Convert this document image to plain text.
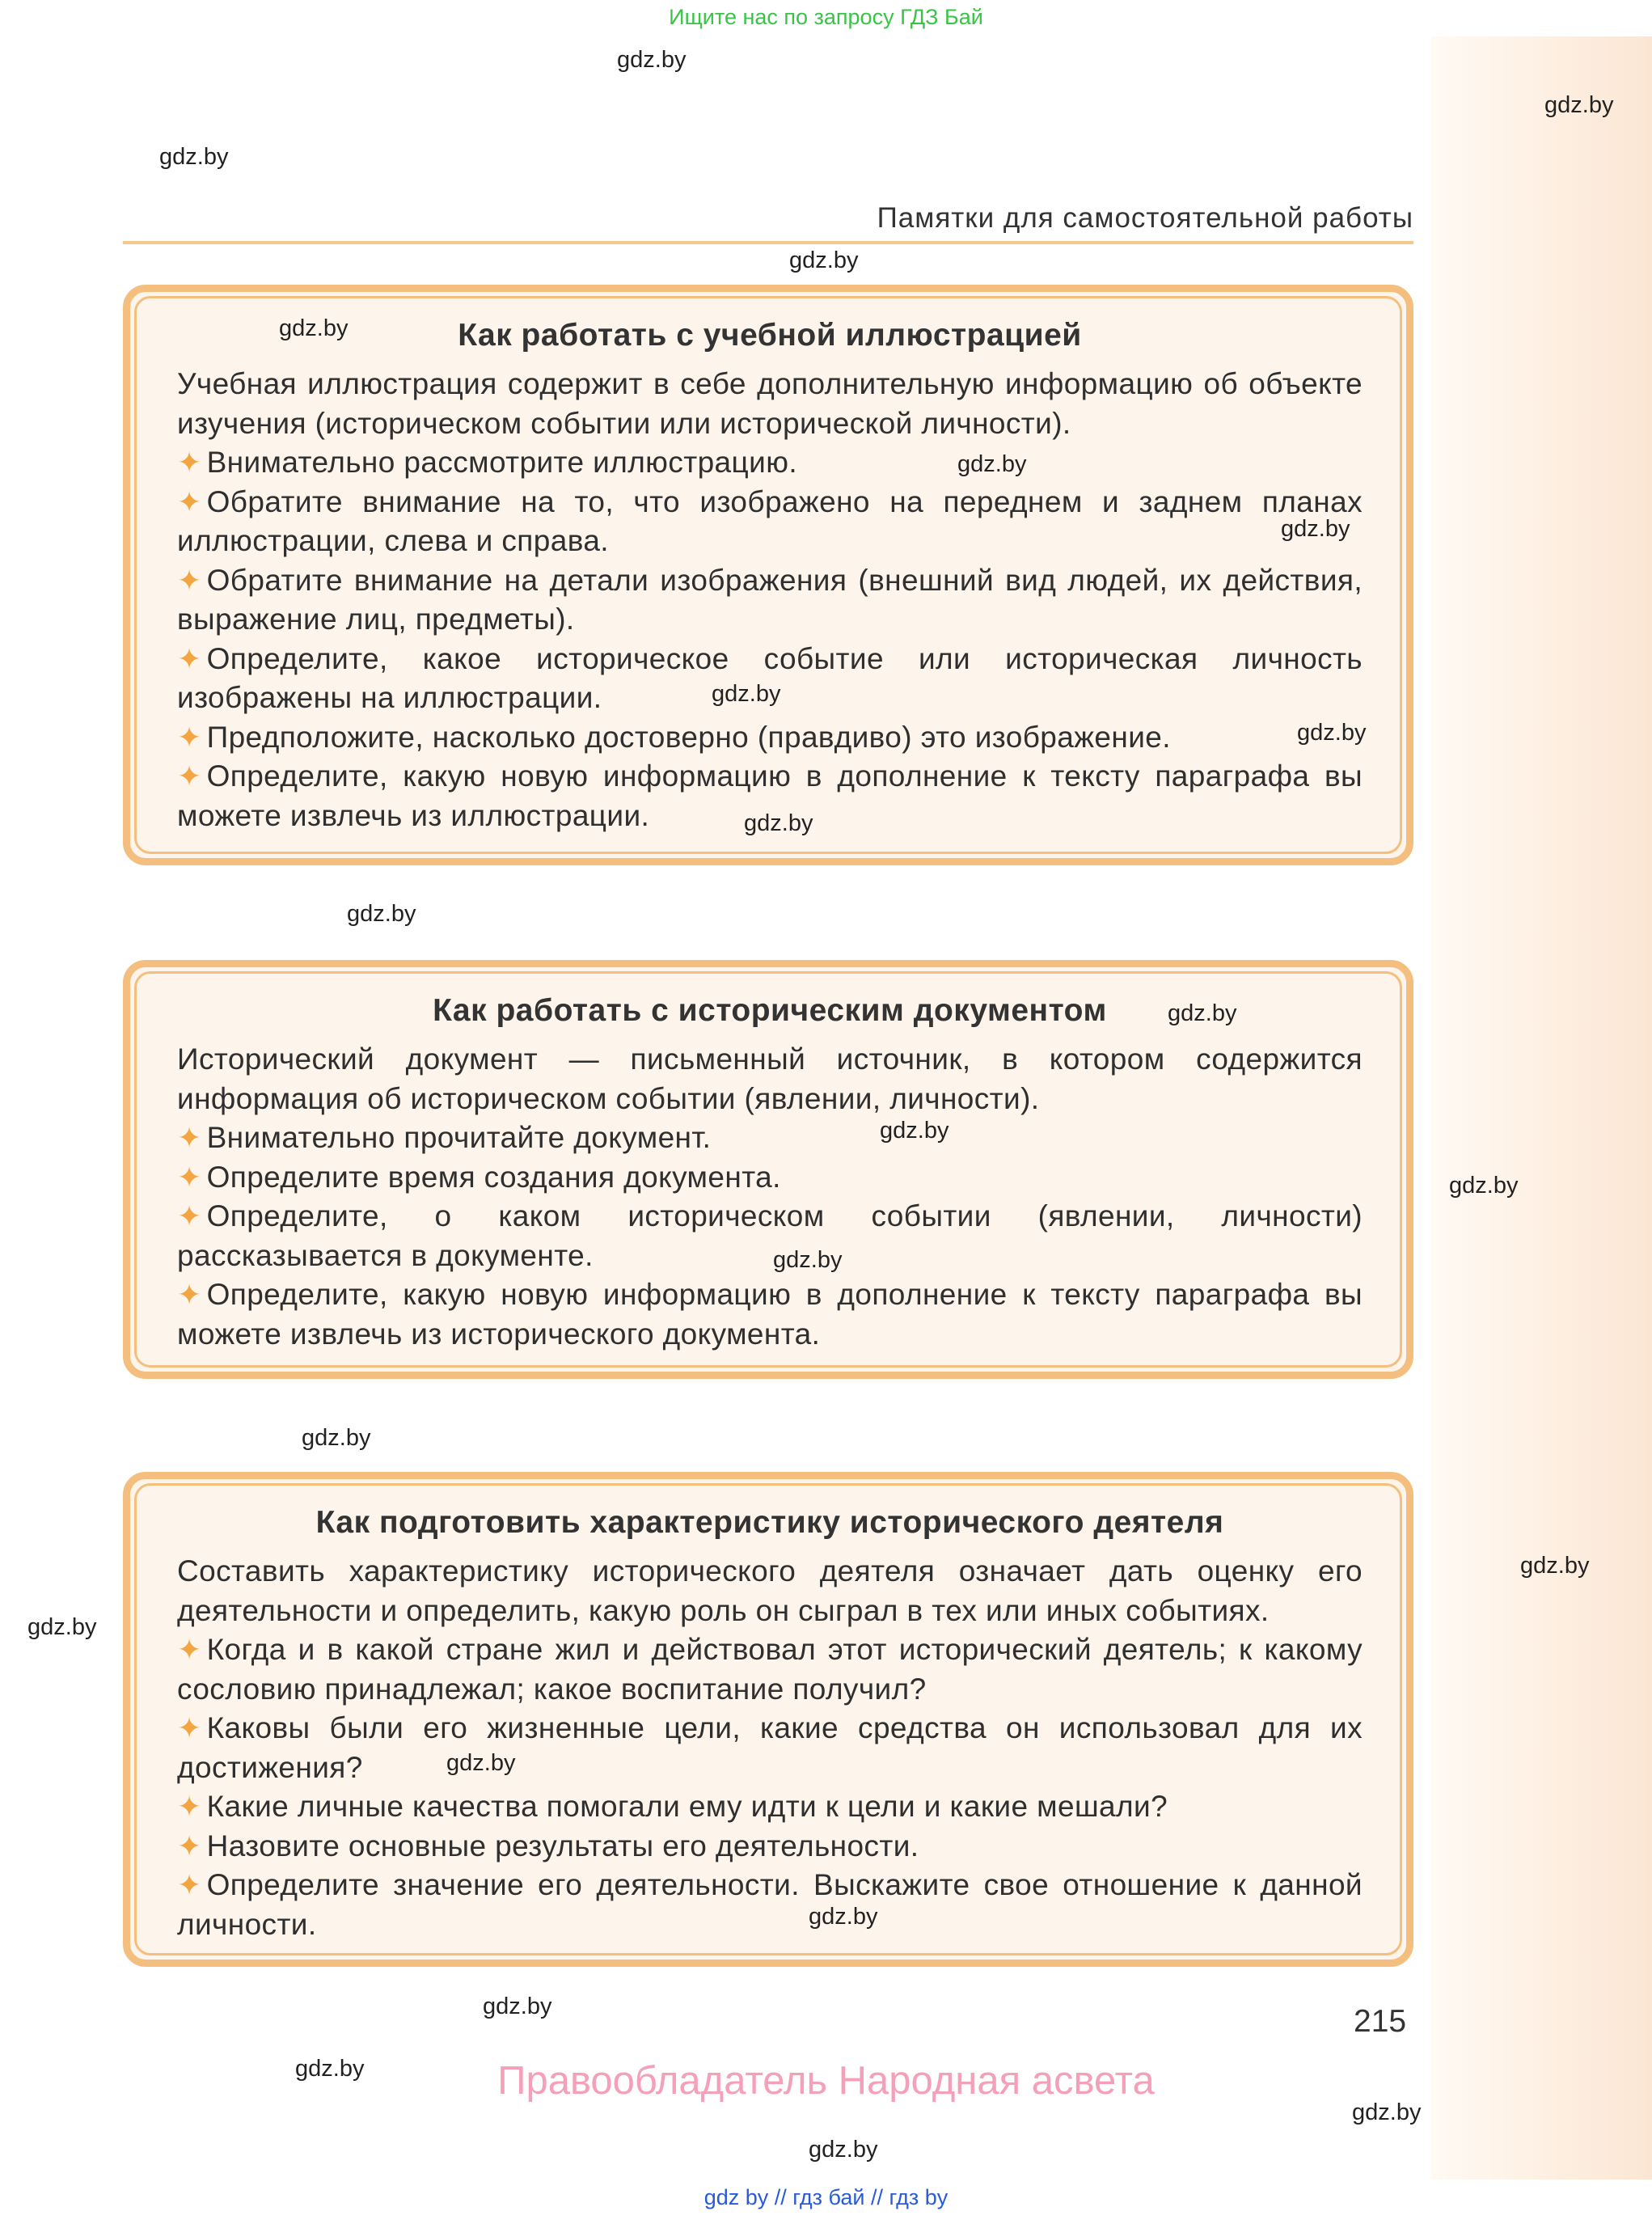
Ищите нас по запросу ГДЗ Бай
gdz.by
gdz.by
gdz.by
gdz.by
Памятки для самостоятельной работы
Как работать с учебной иллюстрацией

Учебная иллюстрация содержит в себе дополнительную информацию об объекте изучения (историческом событии или исторической личности).

✦ Внимательно рассмотрите иллюстрацию.

✦ Обратите внимание на то, что изображено на переднем и заднем планах иллюстрации, слева и справа.

✦ Обратите внимание на детали изображения (внешний вид людей, их действия, выражение лиц, предметы).

✦ Определите, какое историческое событие или историческая личность изображены на иллюстрации.

✦ Предположите, насколько достоверно (правдиво) это изображение.

✦ Определите, какую новую информацию в дополнение к тексту параграфа вы можете извлечь из иллюстрации.

gdz.by
gdz.by
gdz.by
gdz.by
gdz.by
gdz.by
gdz.by
Как работать с историческим документом

Исторический документ — письменный источник, в котором содержится информация об историческом событии (явлении, личности).

✦ Внимательно прочитайте документ.

✦ Определите время создания документа.

✦ Определите, о каком историческом событии (явлении, личности) рассказывается в документе.

✦ Определите, какую новую информацию в дополнение к тексту параграфа вы можете извлечь из исторического документа.

gdz.by
gdz.by
gdz.by
gdz.by
gdz.by
Как подготовить характеристику исторического деятеля

Составить характеристику исторического деятеля означает дать оценку его деятельности и определить, какую роль он сыграл в тех или иных событиях.

✦ Когда и в какой стране жил и действовал этот исторический деятель; к какому сословию принадлежал; какое воспитание получил?

✦ Каковы были его жизненные цели, какие средства он использовал для их достижения?

✦ Какие личные качества помогали ему идти к цели и какие мешали?

✦ Назовите основные результаты его деятельности.

✦ Определите значение его деятельности. Выскажите свое отношение к данной личности.

gdz.by
gdz.by
gdz.by
gdz.by
gdz.by	215
gdz.by	Правообладатель Народная асвета
gdz.by
gdz.by
gdz by // гдз бай // гдз by
